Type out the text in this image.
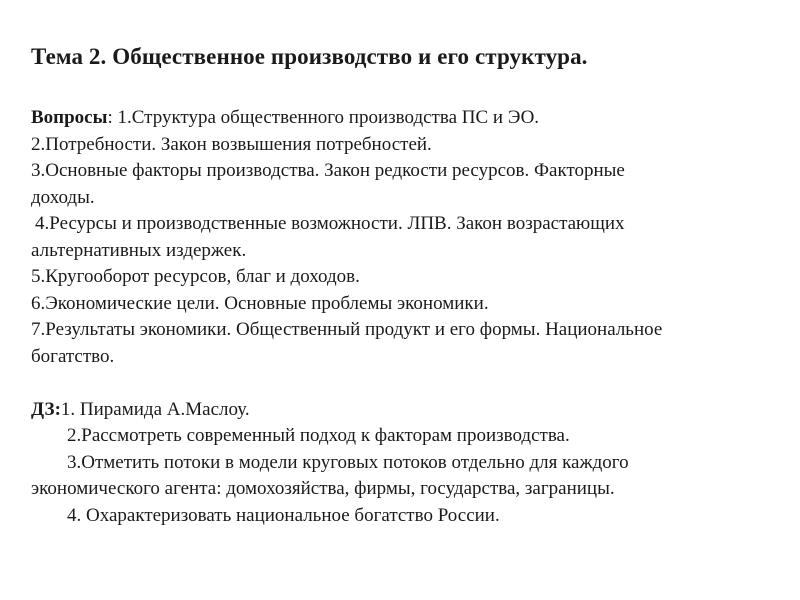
Тема 2. Общественное производство и его структура.
Вопросы: 1.Структура общественного производства ПС и ЭО.
2.Потребности. Закон возвышения потребностей.
3.Основные факторы производства. Закон редкости ресурсов. Факторные
доходы.
4.Ресурсы и производственные возможности. ЛПВ. Закон возрастающих
альтернативных издержек.
5.Кругооборот ресурсов, благ и доходов.
6.Экономические цели. Основные проблемы экономики.
7.Результаты экономики. Общественный продукт и его формы. Национальное
богатство.
ДЗ:1. Пирамида А.Маслоу.
2.Рассмотреть современный подход к факторам производства.
3.Отметить потоки в модели круговых потоков отдельно для каждого
экономического агента: домохозяйства, фирмы, государства, заграницы.
4. Охарактеризовать национальное богатство России.
